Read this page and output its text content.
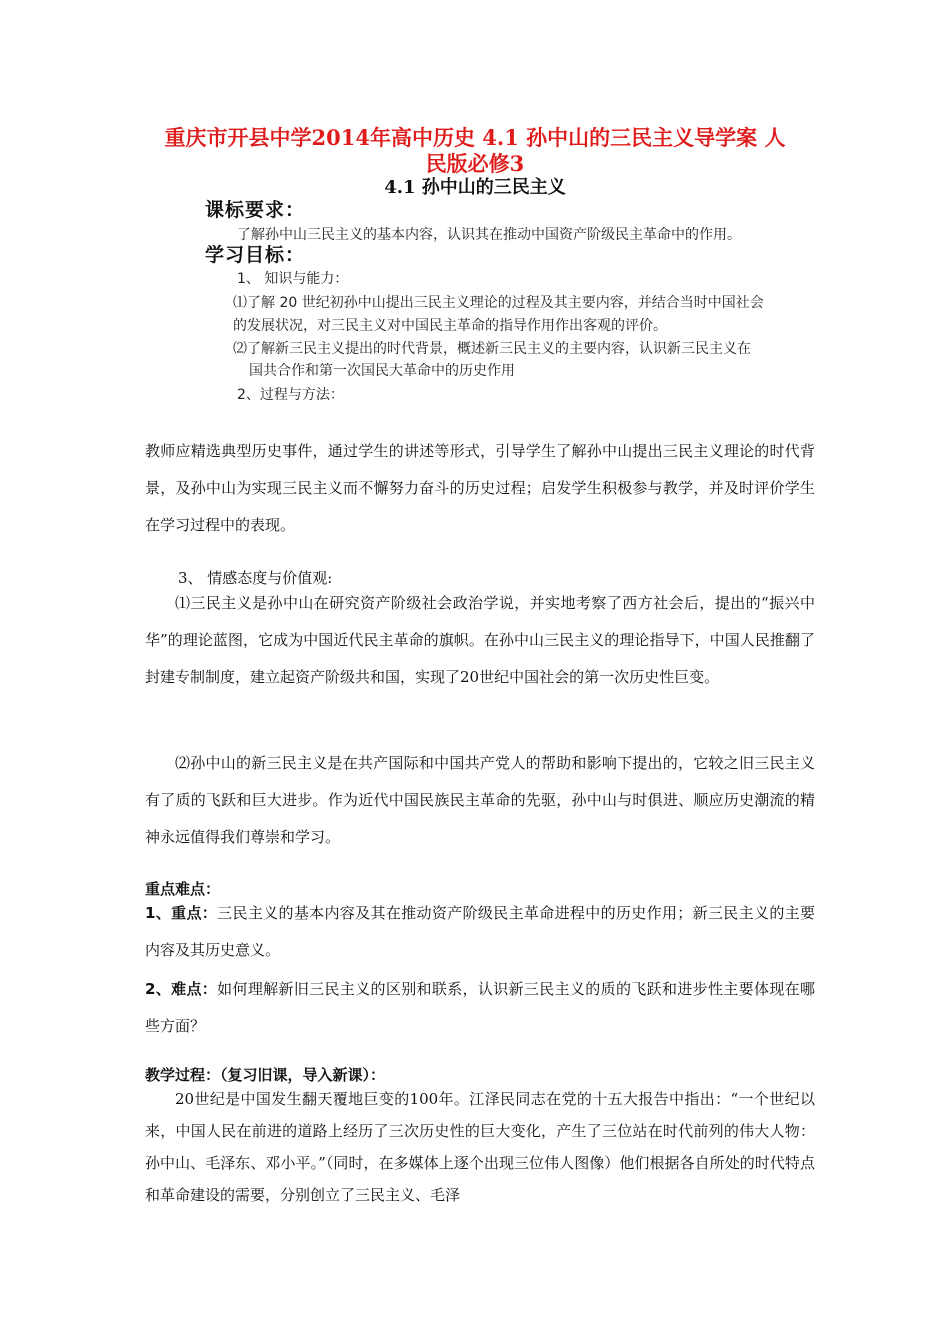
重庆市开县中学2014年高中历史 4.1 孙中山的三民主义导学案 人
民版必修3
4.1 孙中山的三民主义
课标要求：
了解孙中山三民主义的基本内容，认识其在推动中国资产阶级民主革命中的作用。
学习目标：
1、 知识与能力：
⑴了解 20 世纪初孙中山提出三民主义理论的过程及其主要内容，并结合当时中国社会
的发展状况，对三民主义对中国民主革命的指导作用作出客观的评价。
⑵了解新三民主义提出的时代背景，概述新三民主义的主要内容，认识新三民主义在
国共合作和第一次国民大革命中的历史作用
2、过程与方法：
教师应精选典型历史事件，通过学生的讲述等形式，引导学生了解孙中山提出三民主义理论的时代背景，及孙中山为实现三民主义而不懈努力奋斗的历史过程；启发学生积极参与教学，并及时评价学生在学习过程中的表现。
3、 情感态度与价值观:
⑴三民主义是孙中山在研究资产阶级社会政治学说，并实地考察了西方社会后，提出的“振兴中华”的理论蓝图，它成为中国近代民主革命的旗帜。在孙中山三民主义的理论指导下，中国人民推翻了封建专制制度，建立起资产阶级共和国，实现了20世纪中国社会的第一次历史性巨变。
⑵孙中山的新三民主义是在共产国际和中国共产党人的帮助和影响下提出的，它较之旧三民主义有了质的飞跃和巨大进步。作为近代中国民族民主革命的先驱，孙中山与时俱进、顺应历史潮流的精神永远值得我们尊崇和学习。
重点难点：
1、重点：三民主义的基本内容及其在推动资产阶级民主革命进程中的历史作用；新三民主义的主要内容及其历史意义。
2、难点：如何理解新旧三民主义的区别和联系，认识新三民主义的质的飞跃和进步性主要体现在哪些方面？
教学过程：（复习旧课，导入新课）：
20世纪是中国发生翻天覆地巨变的100年。江泽民同志在党的十五大报告中指出：“一个世纪以来，中国人民在前进的道路上经历了三次历史性的巨大变化，产生了三位站在时代前列的伟大人物：孙中山、毛泽东、邓小平。”（同时，在多媒体上逐个出现三位伟人图像）他们根据各自所处的时代特点和革命建设的需要，分别创立了三民主义、毛泽
